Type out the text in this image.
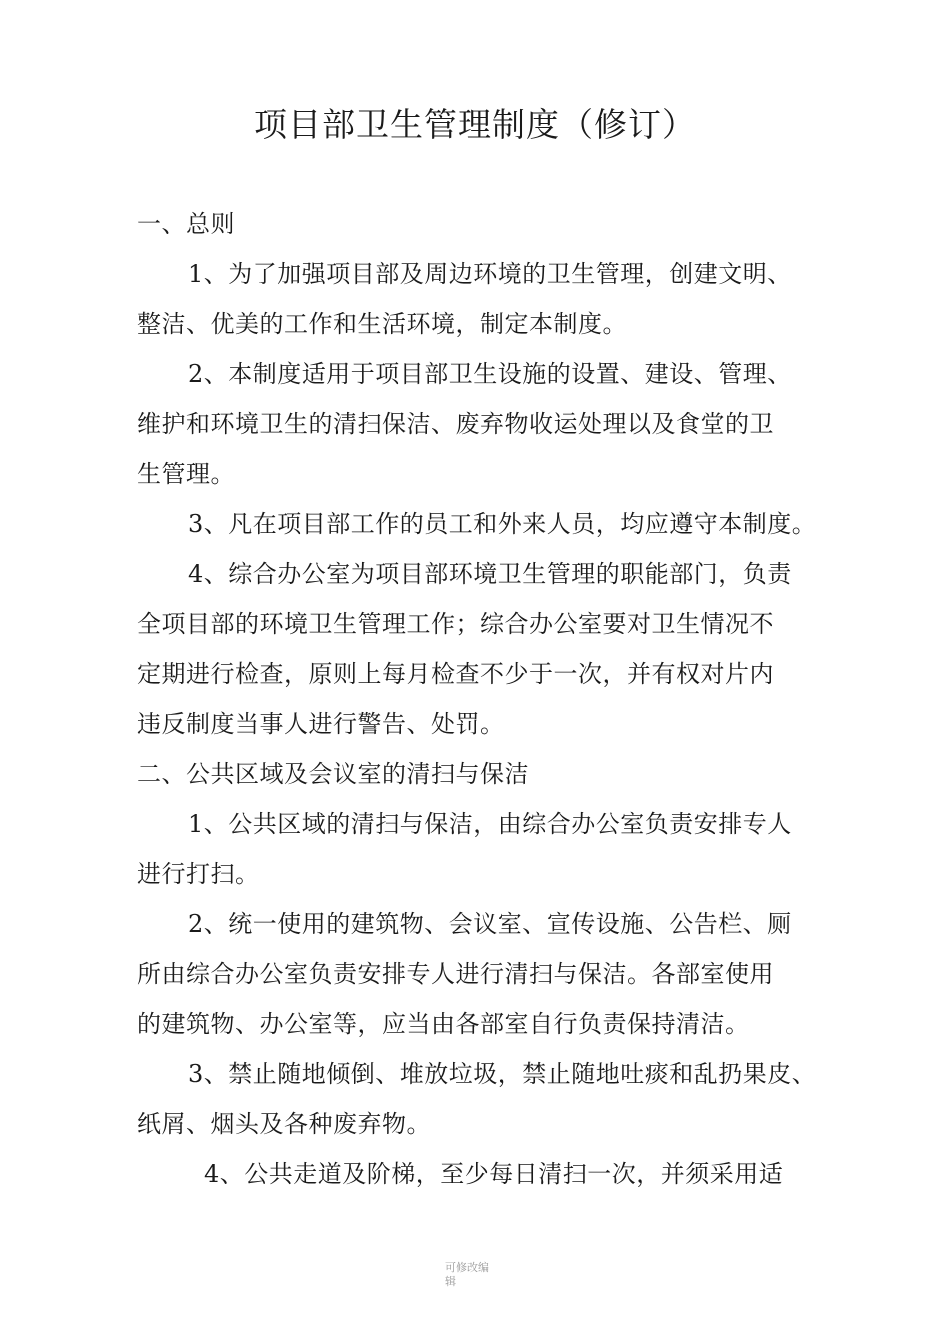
项目部卫生管理制度（修订）
一、总则
1、为了加强项目部及周边环境的卫生管理，创建文明、
整洁、优美的工作和生活环境，制定本制度。
2、本制度适用于项目部卫生设施的设置、建设、管理、
维护和环境卫生的清扫保洁、废弃物收运处理以及食堂的卫
生管理。
3、凡在项目部工作的员工和外来人员，均应遵守本制度。
4、综合办公室为项目部环境卫生管理的职能部门，负责
全项目部的环境卫生管理工作；综合办公室要对卫生情况不
定期进行检查，原则上每月检查不少于一次，并有权对片内
违反制度当事人进行警告、处罚。
二、公共区域及会议室的清扫与保洁
1、公共区域的清扫与保洁，由综合办公室负责安排专人
进行打扫。
2、统一使用的建筑物、会议室、宣传设施、公告栏、厕
所由综合办公室负责安排专人进行清扫与保洁。各部室使用
的建筑物、办公室等，应当由各部室自行负责保持清洁。
3、禁止随地倾倒、堆放垃圾，禁止随地吐痰和乱扔果皮、
纸屑、烟头及各种废弃物。
4、公共走道及阶梯，至少每日清扫一次，并须采用适
可修改编
辑
